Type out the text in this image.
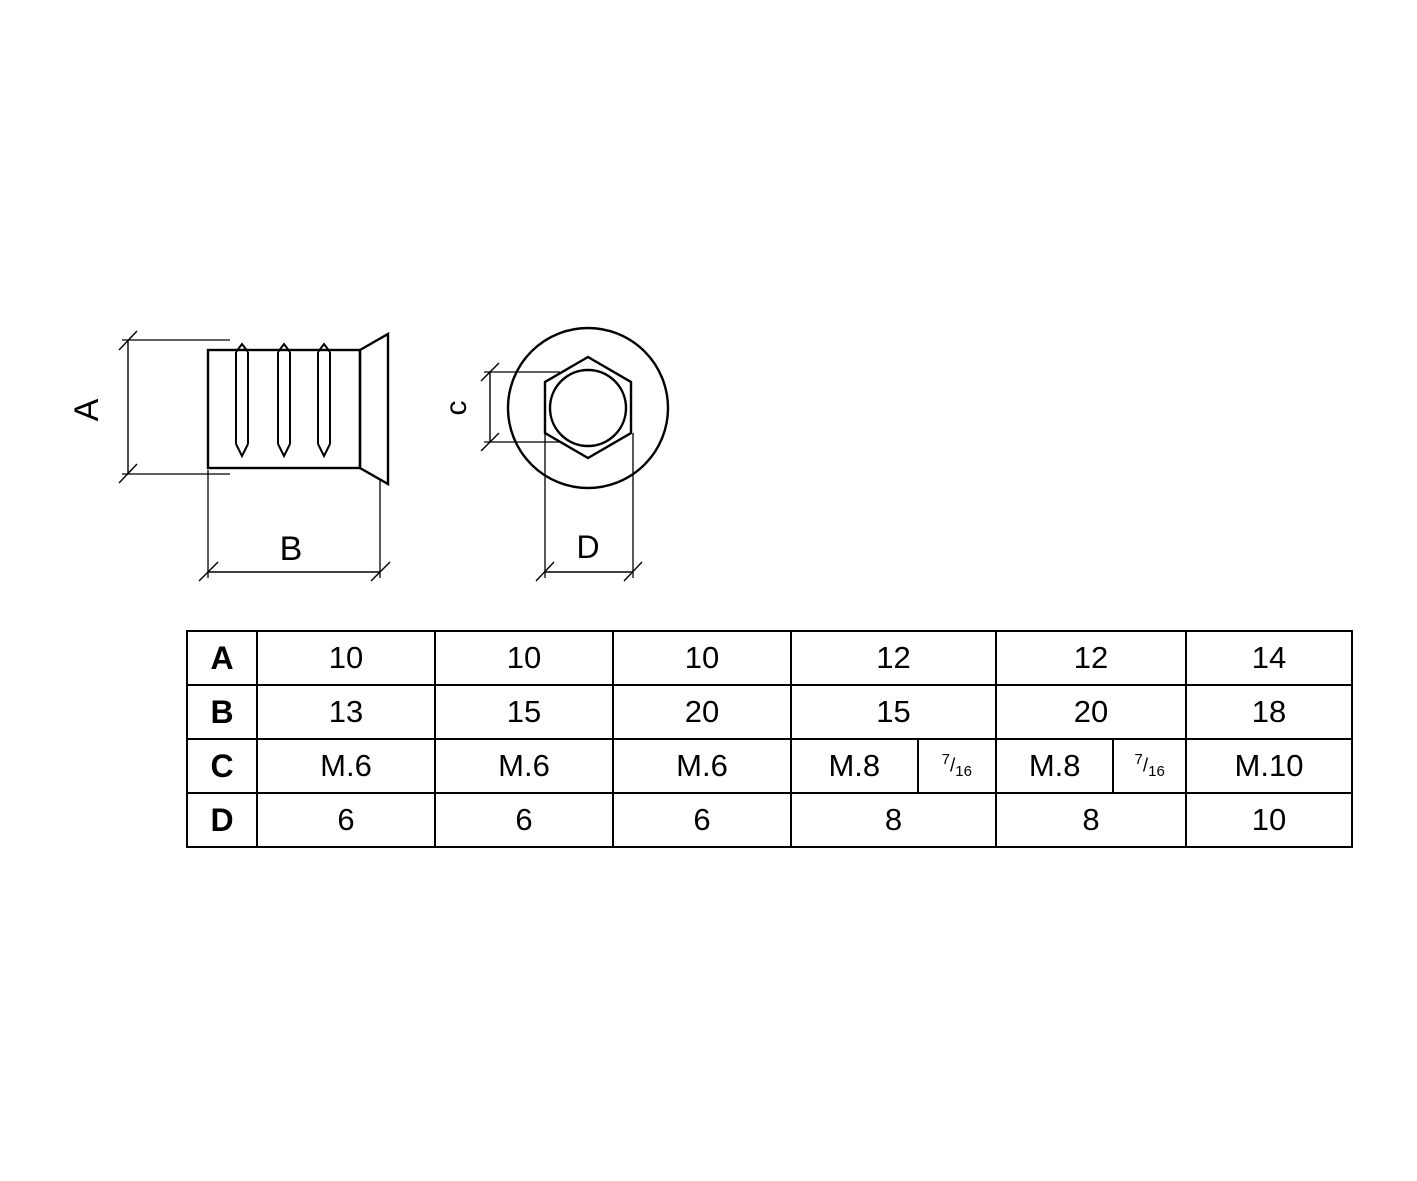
A
B
c
D
A	10	10	10	12	12	14
B	13	15	20	15	20	18
C	M.6	M.6	M.6	M.8	$^7/_{16}$	M.8	$^7/_{16}$	M.10
D	6	6	6	8	8	10
